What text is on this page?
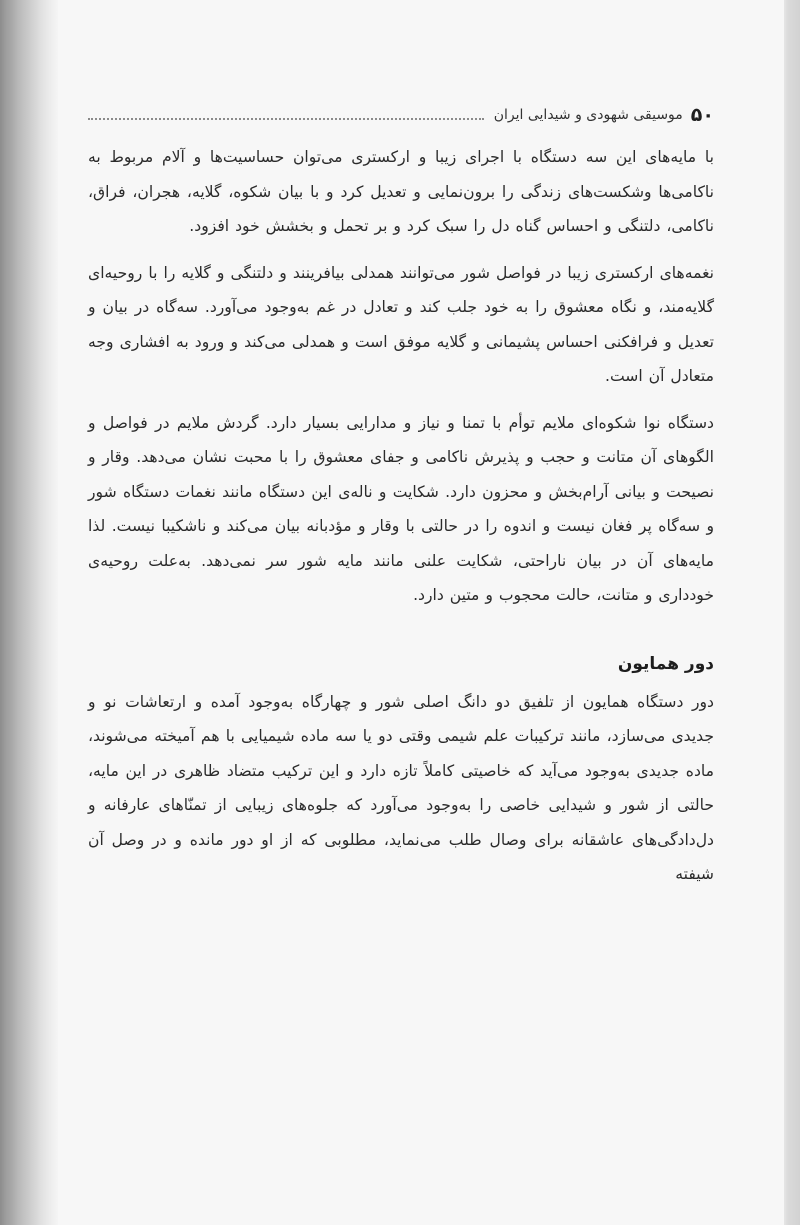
۵۰
موسیقی شهودی و شیدایی ایران

با مایه‌های این سه دستگاه با اجرای زیبا و ارکستری می‌توان حساسیت‌ها و آلام مربوط به ناکامی‌ها وشکست‌های زندگی را برون‌نمایی و تعدیل کرد و با بیان شکوه، گلایه، هجران، فراق، ناکامی، دلتنگی و احساس گناه دل را سبک کرد و بر تحمل و بخشش خود افزود.

نغمه‌های ارکستری زیبا در فواصل شور می‌توانند همدلی بیافرینند و دلتنگی و گلایه را با روحیه‌ای گلایه‌مند، و نگاه معشوق را به خود جلب کند و تعادل در غم به‌وجود می‌آورد. سه‌گاه در بیان و تعدیل و فرافکنی احساس پشیمانی و گلایه موفق است و همدلی می‌کند و ورود به افشاری وجه متعادل آن است.

دستگاه نوا شکوه‌ای ملایم توأم با تمنا و نیاز و مدارایی بسیار دارد. گردش ملایم در فواصل و الگوهای آن متانت و حجب و پذیرش ناکامی و جفای معشوق را با محبت نشان می‌دهد. وقار و نصیحت و بیانی آرام‌بخش و محزون دارد. شکایت و ناله‌ی این دستگاه مانند نغمات دستگاه شور و سه‌گاه پر فغان نیست و اندوه را در حالتی با وقار و مؤدبانه بیان می‌کند و ناشکیبا نیست. لذا مایه‌های آن در بیان ناراحتی، شکایت علنی مانند مایه شور سر نمی‌دهد. به‌علت روحیه‌ی خودداری و متانت، حالت محجوب و متین دارد.

دور همایون

دور دستگاه همایون از تلفیق دو دانگ اصلی شور و چهارگاه به‌وجود آمده و ارتعاشات نو و جدیدی می‌سازد، مانند ترکیبات علم شیمی وقتی دو یا سه ماده شیمیایی با هم آمیخته می‌شوند، ماده جدیدی به‌وجود می‌آید که خاصیتی کاملاً تازه دارد و این ترکیب متضاد ظاهری در این مایه، حالتی از شور و شیدایی خاصی را به‌وجود می‌آورد که جلوه‌های زیبایی از تمنّاهای عارفانه و دل‌دادگی‌های عاشقانه برای وصال طلب می‌نماید، مطلوبی که از او دور مانده و در وصل آن شیفته
